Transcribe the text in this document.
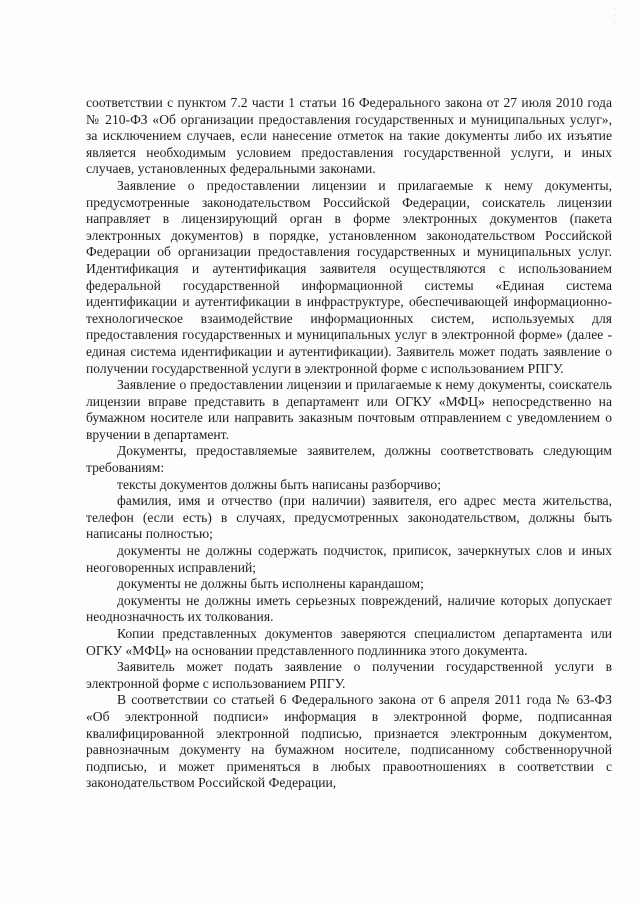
· · ·

соответствии с пунктом 7.2 части 1 статьи 16 Федерального закона от 27 июля 2010 года № 210-ФЗ «Об организации предоставления государственных и муниципальных услуг», за исключением случаев, если нанесение отметок на такие документы либо их изъятие является необходимым условием предоставления государственной услуги, и иных случаев, установленных федеральными законами.

Заявление о предоставлении лицензии и прилагаемые к нему документы, предусмотренные законодательством Российской Федерации, соискатель лицензии направляет в лицензирующий орган в форме электронных документов (пакета электронных документов) в порядке, установленном законодательством Российской Федерации об организации предоставления государственных и муниципальных услуг. Идентификация и аутентификация заявителя осуществляются с использованием федеральной государственной информационной системы «Единая система идентификации и аутентификации в инфраструктуре, обеспечивающей информационно-технологическое взаимодействие информационных систем, используемых для предоставления государственных и муниципальных услуг в электронной форме» (далее - единая система идентификации и аутентификации). Заявитель может подать заявление о получении государственной услуги в электронной форме с использованием РПГУ.

Заявление о предоставлении лицензии и прилагаемые к нему документы, соискатель лицензии вправе представить в департамент или ОГКУ «МФЦ» непосредственно на бумажном носителе или направить заказным почтовым отправлением с уведомлением о вручении в департамент.

Документы, предоставляемые заявителем, должны соответствовать следующим требованиям:

тексты документов должны быть написаны разборчиво;

фамилия, имя и отчество (при наличии) заявителя, его адрес места жительства, телефон (если есть) в случаях, предусмотренных законодательством, должны быть написаны полностью;

документы не должны содержать подчисток, приписок, зачеркнутых слов и иных неоговоренных исправлений;

документы не должны быть исполнены карандашом;

документы не должны иметь серьезных повреждений, наличие которых допускает неоднозначность их толкования.

Копии представленных документов заверяются специалистом департамента или ОГКУ «МФЦ» на основании представленного подлинника этого документа.

Заявитель может подать заявление о получении государственной услуги в электронной форме с использованием РПГУ.

В соответствии со статьей 6 Федерального закона от 6 апреля 2011 года № 63-ФЗ «Об электронной подписи» информация в электронной форме, подписанная квалифицированной электронной подписью, признается электронным документом, равнозначным документу на бумажном носителе, подписанному собственноручной подписью, и может применяться в любых правоотношениях в соответствии с законодательством Российской Федерации,
